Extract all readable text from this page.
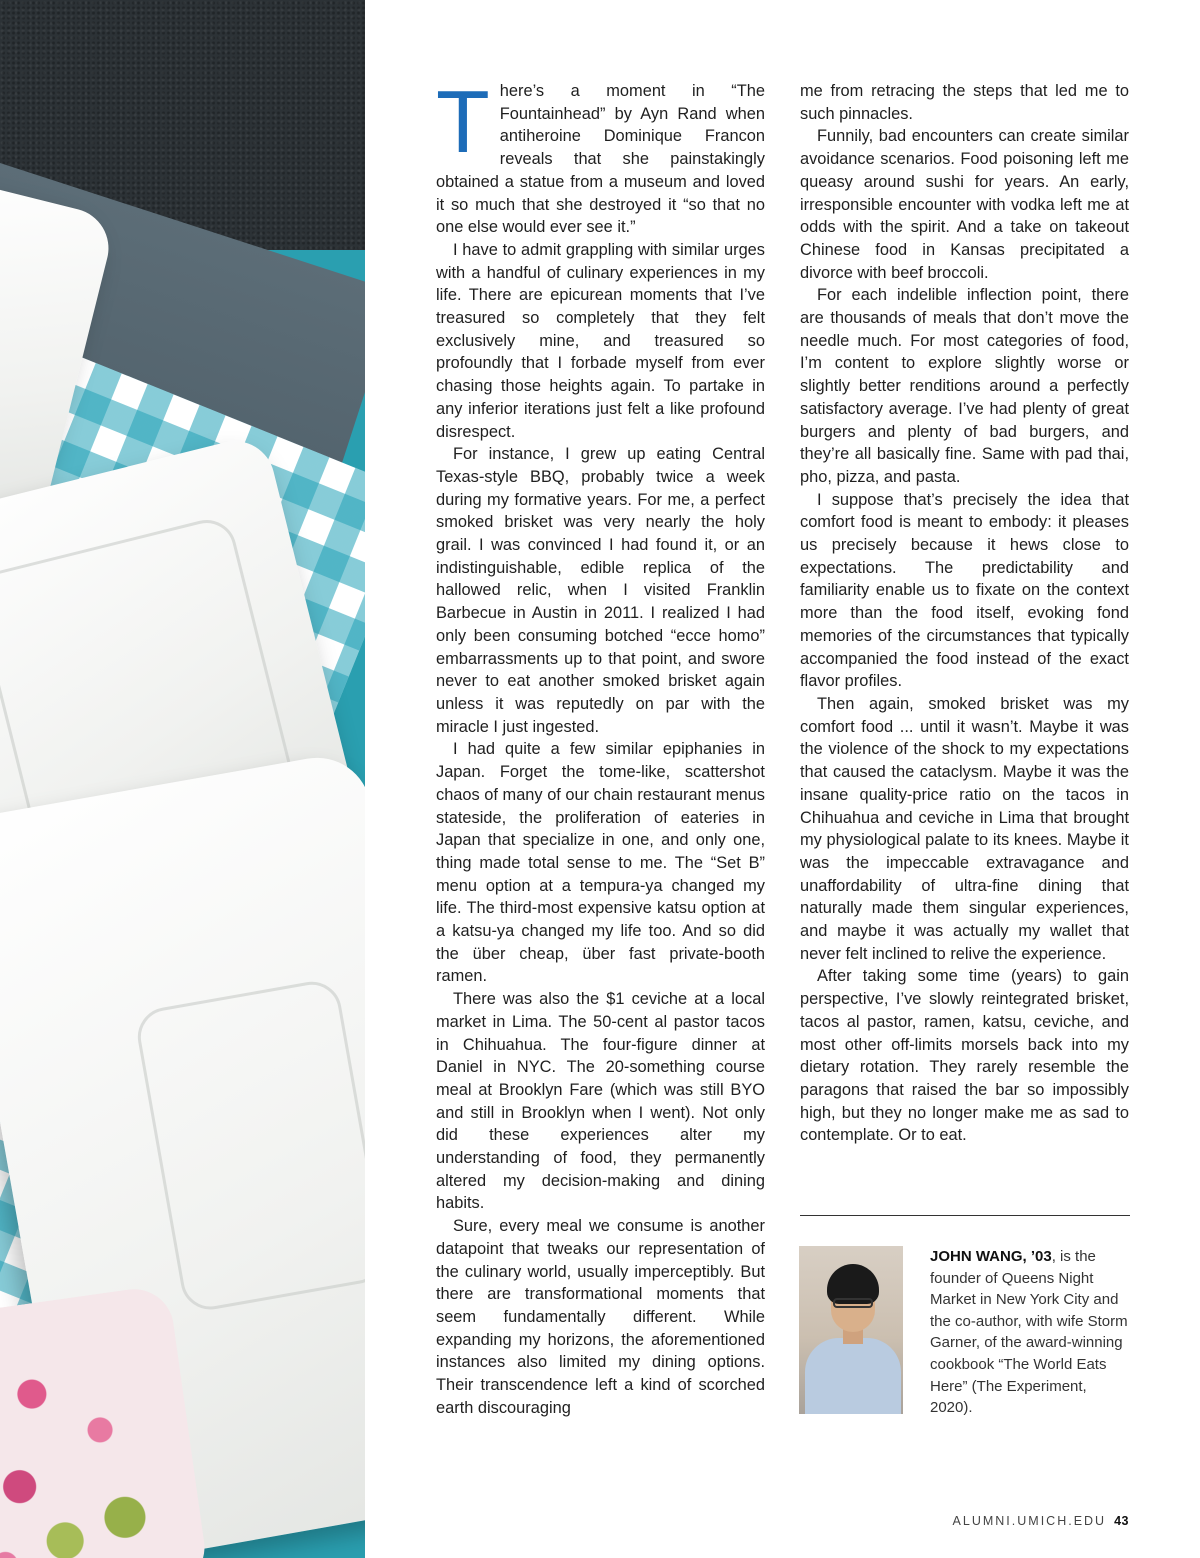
There’s a moment in “The Fountainhead” by Ayn Rand when antiheroine Dominique Francon reveals that she painstakingly obtained a statue from a museum and loved it so much that she destroyed it “so that no one else would ever see it.”

I have to admit grappling with similar urges with a handful of culinary experiences in my life. There are epicurean moments that I’ve treasured so completely that they felt exclusively mine, and treasured so profoundly that I forbade myself from ever chasing those heights again. To partake in any inferior iterations just felt a like profound disrespect.

For instance, I grew up eating Central Texas-style BBQ, probably twice a week during my formative years. For me, a perfect smoked brisket was very nearly the holy grail. I was convinced I had found it, or an indistinguishable, edible replica of the hallowed relic, when I visited Franklin Barbecue in Austin in 2011. I realized I had only been consuming botched “ecce homo” embarrassments up to that point, and swore never to eat another smoked brisket again unless it was reputedly on par with the miracle I just ingested.

I had quite a few similar epiphanies in Japan. Forget the tome-like, scattershot chaos of many of our chain restaurant menus stateside, the proliferation of eateries in Japan that specialize in one, and only one, thing made total sense to me. The “Set B” menu option at a tempura-ya changed my life. The third-most expensive katsu option at a katsu-ya changed my life too. And so did the über cheap, über fast private-booth ramen.

There was also the $1 ceviche at a local market in Lima. The 50-cent al pastor tacos in Chihuahua. The four-figure dinner at Daniel in NYC. The 20-something course meal at Brooklyn Fare (which was still BYO and still in Brooklyn when I went). Not only did these experiences alter my understanding of food, they permanently altered my decision-making and dining habits.

Sure, every meal we consume is another datapoint that tweaks our representation of the culinary world, usually imperceptibly. But there are transformational moments that seem fundamentally different. While expanding my horizons, the aforementioned instances also limited my dining options. Their transcendence left a kind of scorched earth discouraging

me from retracing the steps that led me to such pinnacles.

Funnily, bad encounters can create similar avoidance scenarios. Food poisoning left me queasy around sushi for years. An early, irresponsible encounter with vodka left me at odds with the spirit. And a take on takeout Chinese food in Kansas precipitated a divorce with beef broccoli.

For each indelible inflection point, there are thousands of meals that don’t move the needle much. For most categories of food, I’m content to explore slightly worse or slightly better renditions around a perfectly satisfactory average. I’ve had plenty of great burgers and plenty of bad burgers, and they’re all basically fine. Same with pad thai, pho, pizza, and pasta.

I suppose that’s precisely the idea that comfort food is meant to embody: it pleases us precisely because it hews close to expectations. The predictability and familiarity enable us to fixate on the context more than the food itself, evoking fond memories of the circumstances that typically accompanied the food instead of the exact flavor profiles.

Then again, smoked brisket was my comfort food ... until it wasn’t. Maybe it was the violence of the shock to my expectations that caused the cataclysm. Maybe it was the insane quality-price ratio on the tacos in Chihuahua and ceviche in Lima that brought my physiological palate to its knees. Maybe it was the impeccable extravagance and unaffordability of ultra-fine dining that naturally made them singular experiences, and maybe it was actually my wallet that never felt inclined to relive the experience.

After taking some time (years) to gain perspective, I’ve slowly reintegrated brisket, tacos al pastor, ramen, katsu, ceviche, and most other off-limits morsels back into my dietary rotation. They rarely resemble the paragons that raised the bar so impossibly high, but they no longer make me as sad to contemplate. Or to eat.

JOHN WANG, ’03, is the founder of Queens Night Market in New York City and the co-author, with wife Storm Garner, of the award-winning cookbook “The World Eats Here” (The Experiment, 2020).
ALUMNI.UMICH.EDU 43
